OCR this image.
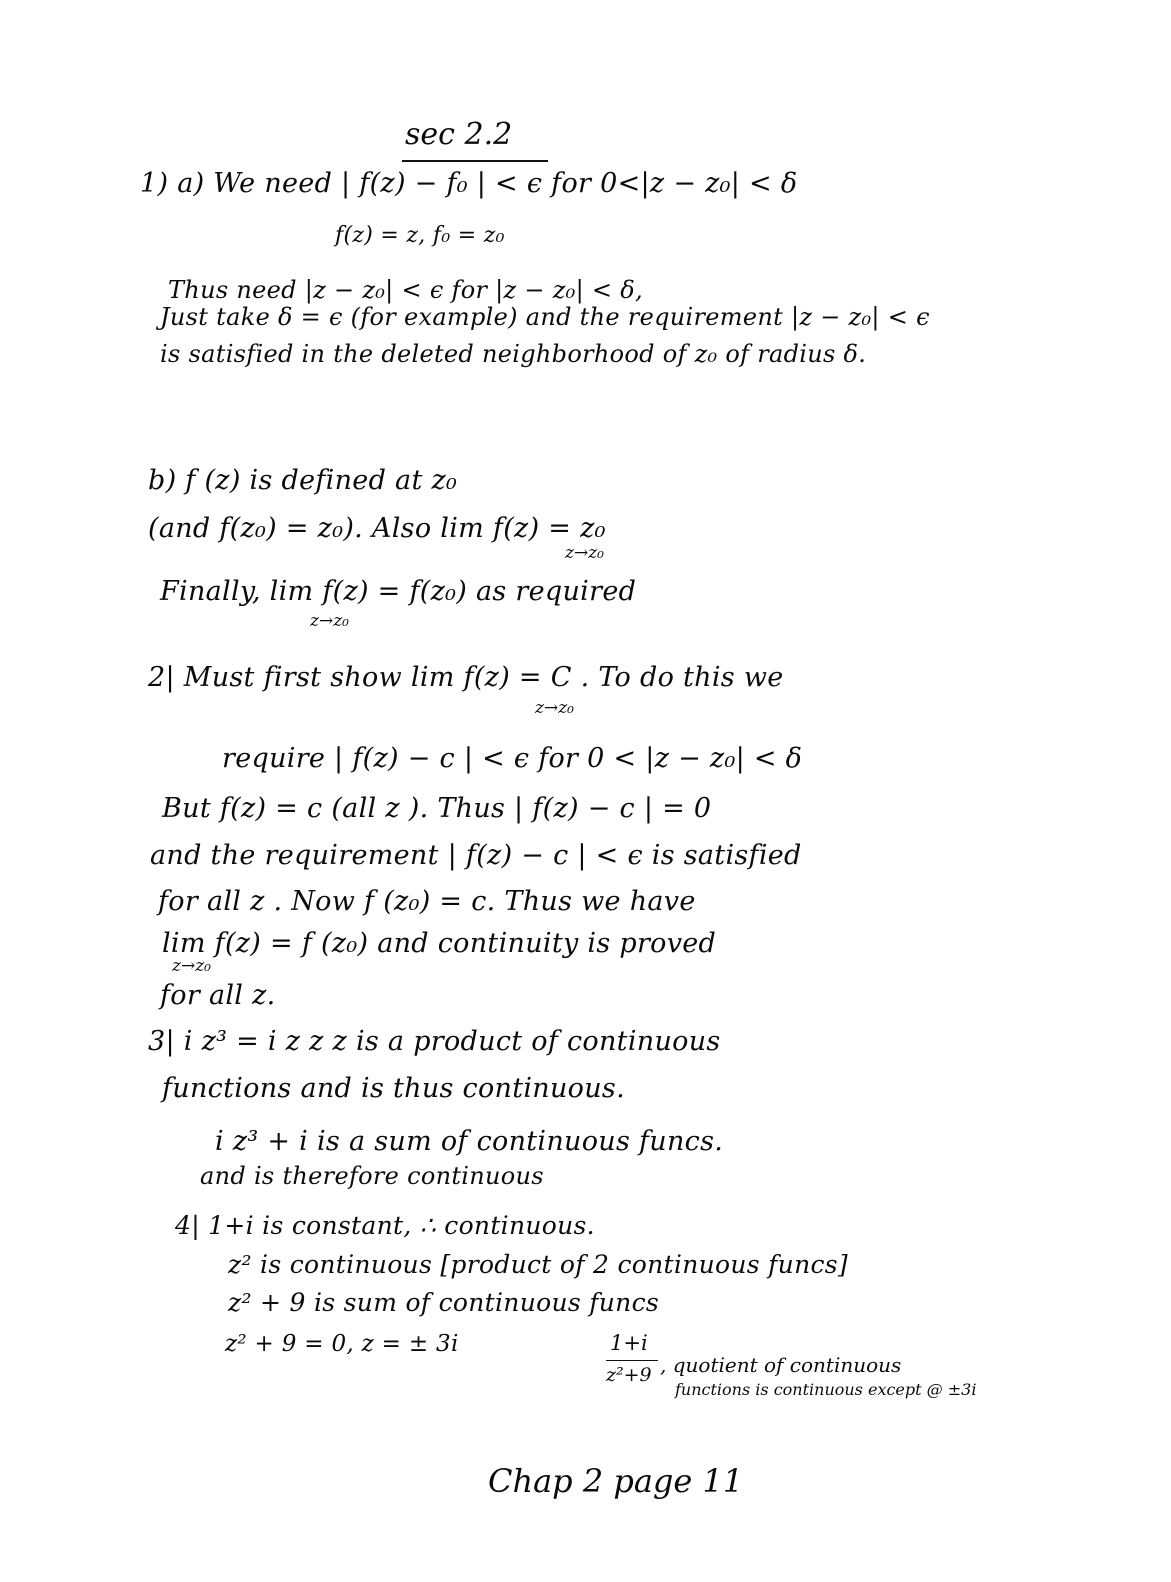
sec 2.2
1) a) We need | f(z) − f₀ | < ϵ for 0<|z − z₀| < δ
f(z) = z, f₀ = z₀
Thus need |z − z₀| < ϵ for |z − z₀| < δ,
Just take δ = ϵ (for example) and the requirement |z − z₀| < ϵ
is satisfied in the deleted neighborhood of z₀ of radius δ.
b) f (z) is defined at z₀
(and f(z₀) = z₀). Also lim f(z) = z₀
z→z₀
Finally, lim f(z) = f(z₀) as required
z→z₀
2| Must first show lim f(z) = C . To do this we
z→z₀
require | f(z) − c | < ϵ for 0 < |z − z₀| < δ
But f(z) = c (all z ). Thus | f(z) − c | = 0
and the requirement | f(z) − c | < ϵ is satisfied
for all z . Now f (z₀) = c. Thus we have
lim f(z) = f (z₀) and continuity is proved
z→z₀
for all z.
3| i z³ = i z z z is a product of continuous
functions and is thus continuous.
i z³ + i is a sum of continuous funcs.
and is therefore continuous
4| 1+i is constant, ∴ continuous.
z² is continuous [product of 2 continuous funcs]
z² + 9 is sum of continuous funcs
z² + 9 = 0, z = ± 3i	1+i
z²+9 , quotient of continuous
functions is continuous except @ ±3i
Chap 2 page 11
